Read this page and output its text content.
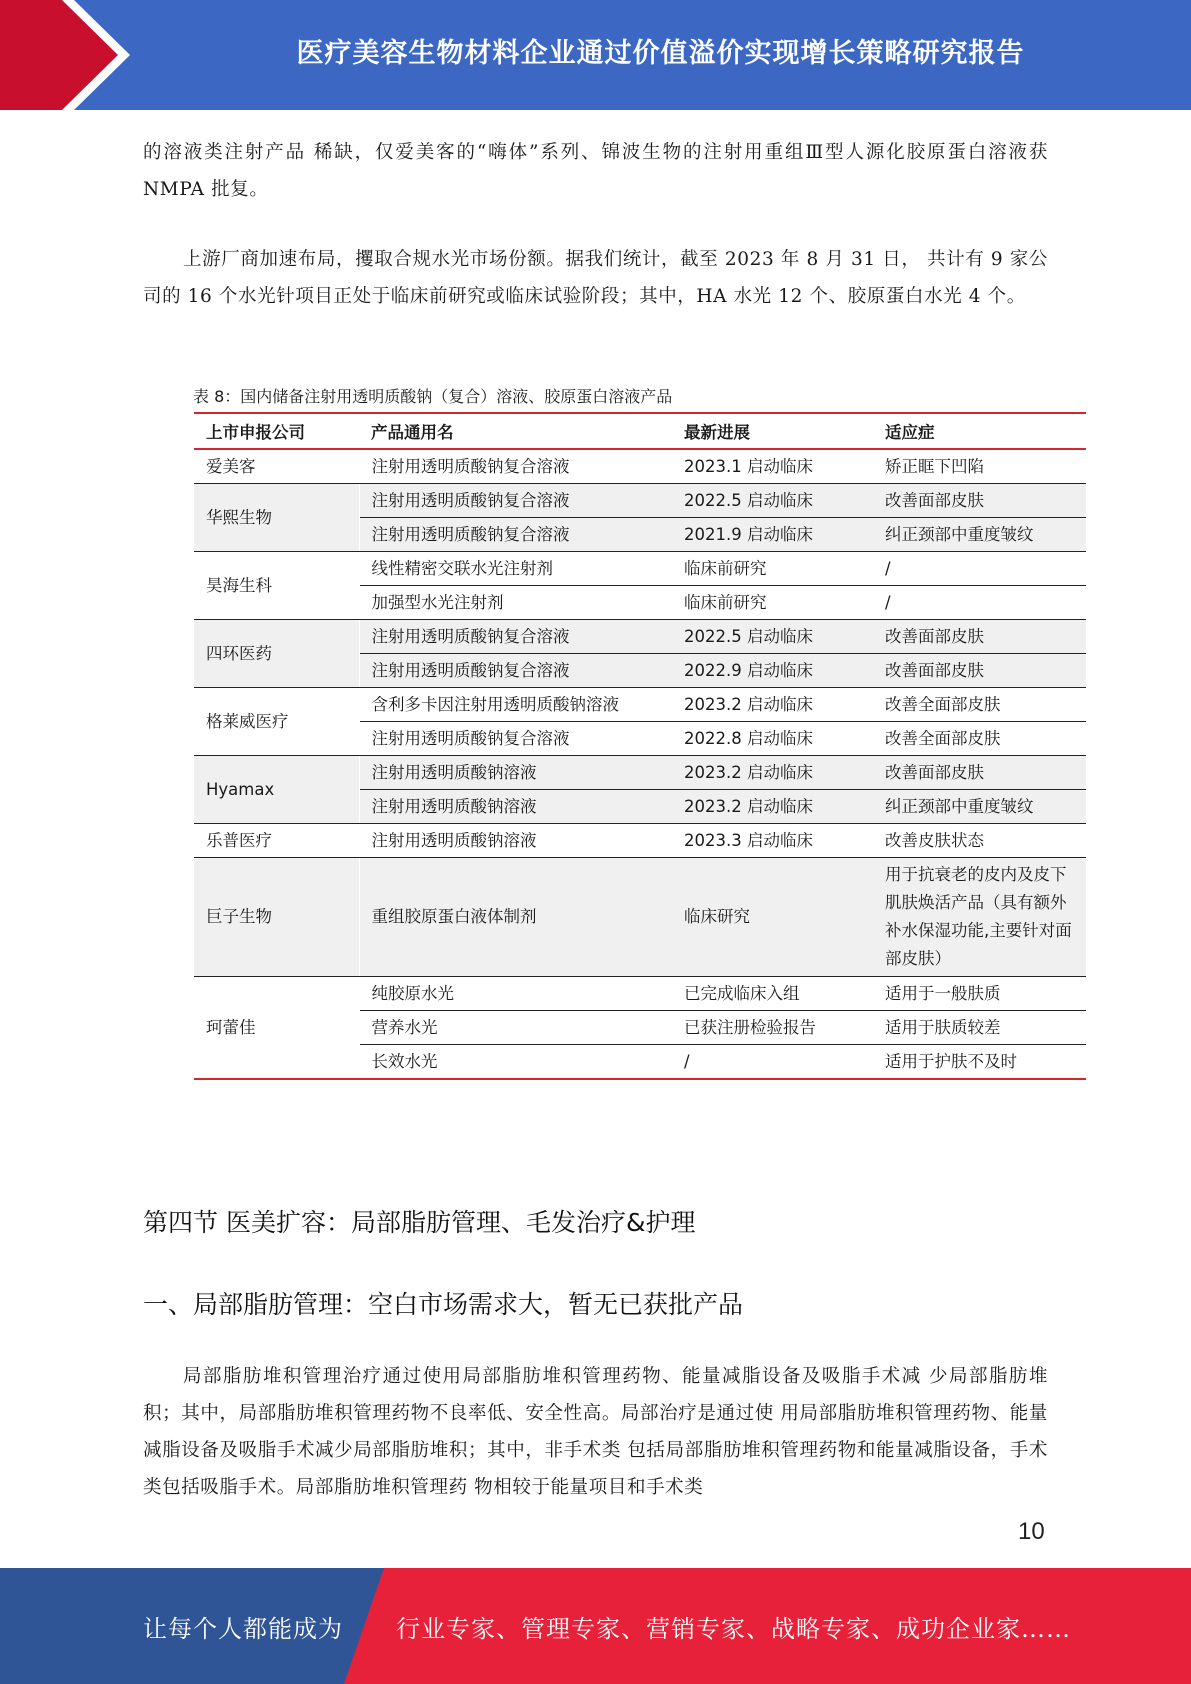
医疗美容生物材料企业通过价值溢价实现增长策略研究报告

的溶液类注射产品 稀缺，仅爱美客的“嗨体”系列、锦波生物的注射用重组Ⅲ型人源化胶原蛋白溶液获 NMPA 批复。

上游厂商加速布局，攫取合规水光市场份额。据我们统计，截至 2023 年 8 月 31 日， 共计有 9 家公司的 16 个水光针项目正处于临床前研究或临床试验阶段；其中，HA 水光 12 个、胶原蛋白水光 4 个。

表 8：国内储备注射用透明质酸钠（复合）溶液、胶原蛋白溶液产品
上市申报公司	产品通用名	最新进展	适应症
爱美客	注射用透明质酸钠复合溶液	2023.1 启动临床	矫正眶下凹陷
华熙生物	注射用透明质酸钠复合溶液	2022.5 启动临床	改善面部皮肤
	注射用透明质酸钠复合溶液	2021.9 启动临床	纠正颈部中重度皱纹
昊海生科	线性精密交联水光注射剂	临床前研究	/
	加强型水光注射剂	临床前研究	/
四环医药	注射用透明质酸钠复合溶液	2022.5 启动临床	改善面部皮肤
	注射用透明质酸钠复合溶液	2022.9 启动临床	改善面部皮肤
格莱威医疗	含利多卡因注射用透明质酸钠溶液	2023.2 启动临床	改善全面部皮肤
	注射用透明质酸钠复合溶液	2022.8 启动临床	改善全面部皮肤
Hyamax	注射用透明质酸钠溶液	2023.2 启动临床	改善面部皮肤
	注射用透明质酸钠溶液	2023.2 启动临床	纠正颈部中重度皱纹
乐普医疗	注射用透明质酸钠溶液	2023.3 启动临床	改善皮肤状态
巨子生物	重组胶原蛋白液体制剂	临床研究	用于抗衰老的皮内及皮下肌肤焕活产品（具有额外补水保湿功能,主要针对面部皮肤）
珂蕾佳	纯胶原水光	已完成临床入组	适用于一般肤质
	营养水光	已获注册检验报告	适用于肤质较差
	长效水光	/	适用于护肤不及时
第四节 医美扩容：局部脂肪管理、毛发治疗&护理
一、局部脂肪管理：空白市场需求大，暂无已获批产品

局部脂肪堆积管理治疗通过使用局部脂肪堆积管理药物、能量减脂设备及吸脂手术减 少局部脂肪堆积；其中，局部脂肪堆积管理药物不良率低、安全性高。局部治疗是通过使 用局部脂肪堆积管理药物、能量减脂设备及吸脂手术减少局部脂肪堆积；其中，非手术类 包括局部脂肪堆积管理药物和能量减脂设备，手术类包括吸脂手术。局部脂肪堆积管理药 物相较于能量项目和手术类

10
让每个人都能成为 行业专家、管理专家、营销专家、战略专家、成功企业家……
